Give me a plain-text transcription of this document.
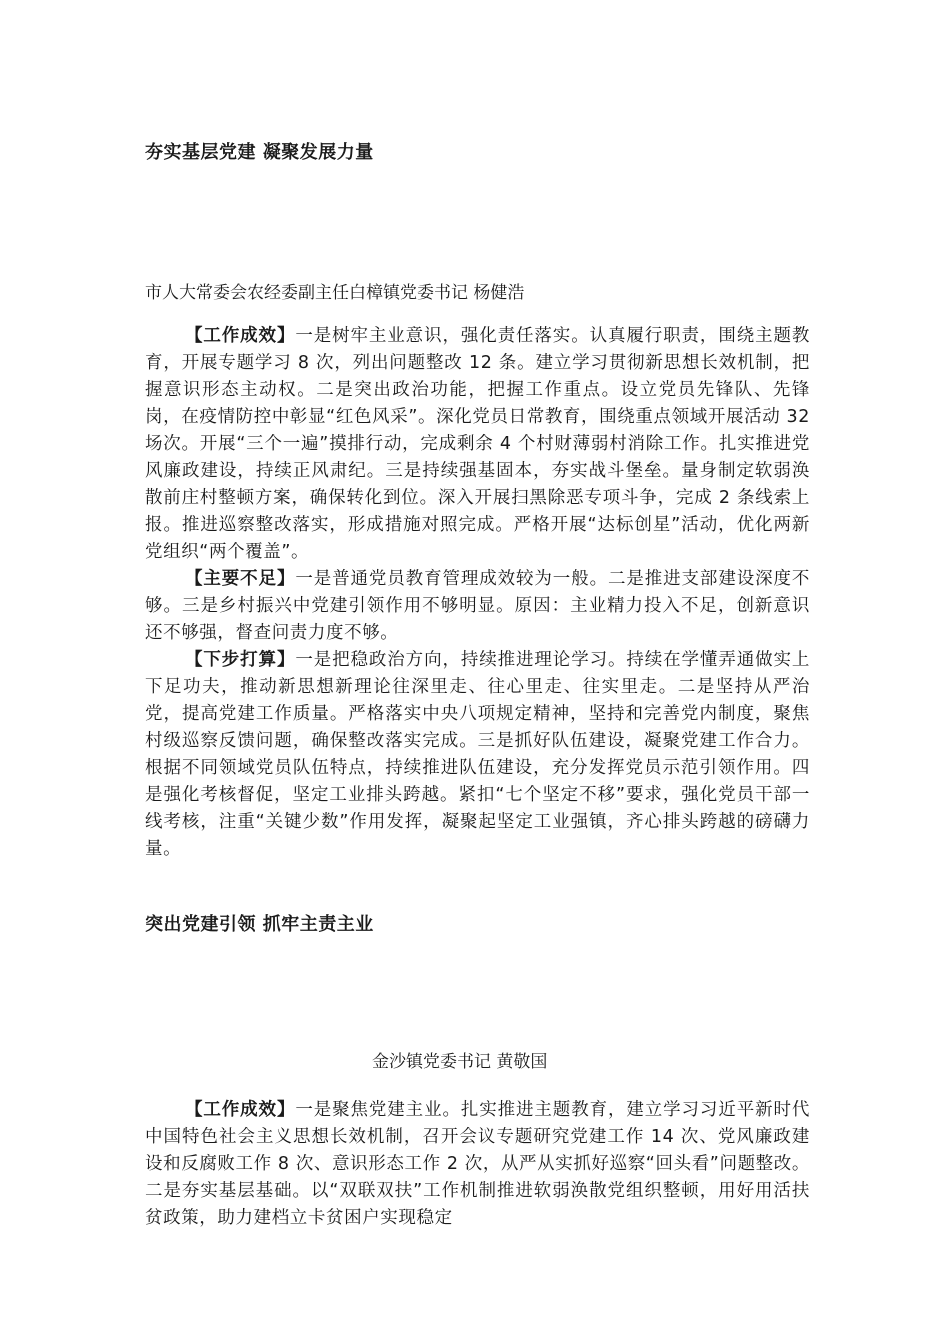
夯实基层党建 凝聚发展力量

市人大常委会农经委副主任白樟镇党委书记 杨健浩

【工作成效】一是树牢主业意识，强化责任落实。认真履行职责，围绕主题教育，开展专题学习 8 次，列出问题整改 12 条。建立学习贯彻新思想长效机制，把握意识形态主动权。二是突出政治功能，把握工作重点。设立党员先锋队、先锋岗，在疫情防控中彰显“红色风采”。深化党员日常教育，围绕重点领域开展活动 32 场次。开展“三个一遍”摸排行动，完成剩余 4 个村财薄弱村消除工作。扎实推进党风廉政建设，持续正风肃纪。三是持续强基固本，夯实战斗堡垒。量身制定软弱涣散前庄村整顿方案，确保转化到位。深入开展扫黑除恶专项斗争，完成 2 条线索上报。推进巡察整改落实，形成措施对照完成。严格开展“达标创星”活动，优化两新党组织“两个覆盖”。

【主要不足】一是普通党员教育管理成效较为一般。二是推进支部建设深度不够。三是乡村振兴中党建引领作用不够明显。原因：主业精力投入不足，创新意识还不够强，督查问责力度不够。

【下步打算】一是把稳政治方向，持续推进理论学习。持续在学懂弄通做实上下足功夫，推动新思想新理论往深里走、往心里走、往实里走。二是坚持从严治党，提高党建工作质量。严格落实中央八项规定精神，坚持和完善党内制度，聚焦村级巡察反馈问题，确保整改落实完成。三是抓好队伍建设，凝聚党建工作合力。根据不同领域党员队伍特点，持续推进队伍建设，充分发挥党员示范引领作用。四是强化考核督促，坚定工业排头跨越。紧扣“七个坚定不移”要求，强化党员干部一线考核，注重“关键少数”作用发挥，凝聚起坚定工业强镇，齐心排头跨越的磅礴力量。

突出党建引领 抓牢主责主业

金沙镇党委书记 黄敬国

【工作成效】一是聚焦党建主业。扎实推进主题教育，建立学习习近平新时代中国特色社会主义思想长效机制，召开会议专题研究党建工作 14 次、党风廉政建设和反腐败工作 8 次、意识形态工作 2 次，从严从实抓好巡察“回头看”问题整改。二是夯实基层基础。以“双联双扶”工作机制推进软弱涣散党组织整顿，用好用活扶贫政策，助力建档立卡贫困户实现稳定
